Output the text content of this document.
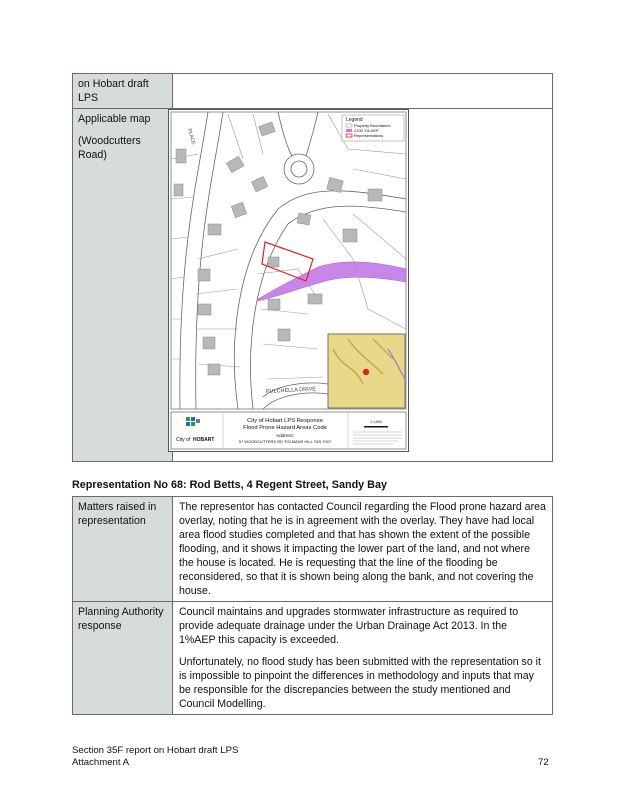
on Hobart draft LPS	

Applicable map

(Woodcutters Road)	

Legend
Property Boundaries
2100 1% AEP
Representations
PULCHELLA DRIVE
PLACE
City of HOBART
City of Hobart LPS Response
Flood Prone Hazard Areas Code
Address:
57 WOODCUTTERS RD TOLMANS HILL TAS 7007
1:1,500
Representation No 68: Rod Betts, 4 Regent Street, Sandy Bay
Matters raised in representation	The representor has contacted Council regarding the Flood prone hazard area overlay, noting that he is in agreement with the overlay. They have had local area flood studies completed and that has shown the extent of the possible flooding, and it shows it impacting the lower part of the land, and not where the house is located. He is requesting that the line of the flooding be reconsidered, so that it is shown being along the bank, and not covering the house.
Planning Authority response	Council maintains and upgrades stormwater infrastructure as required to provide adequate drainage under the Urban Drainage Act 2013. In the 1%AEP this capacity is exceeded.

Unfortunately, no flood study has been submitted with the representation so it is impossible to pinpoint the differences in methodology and inputs that may be responsible for the discrepancies between the study mentioned and Council Modelling.

Section 35F report on Hobart draft LPS
Attachment A	72
